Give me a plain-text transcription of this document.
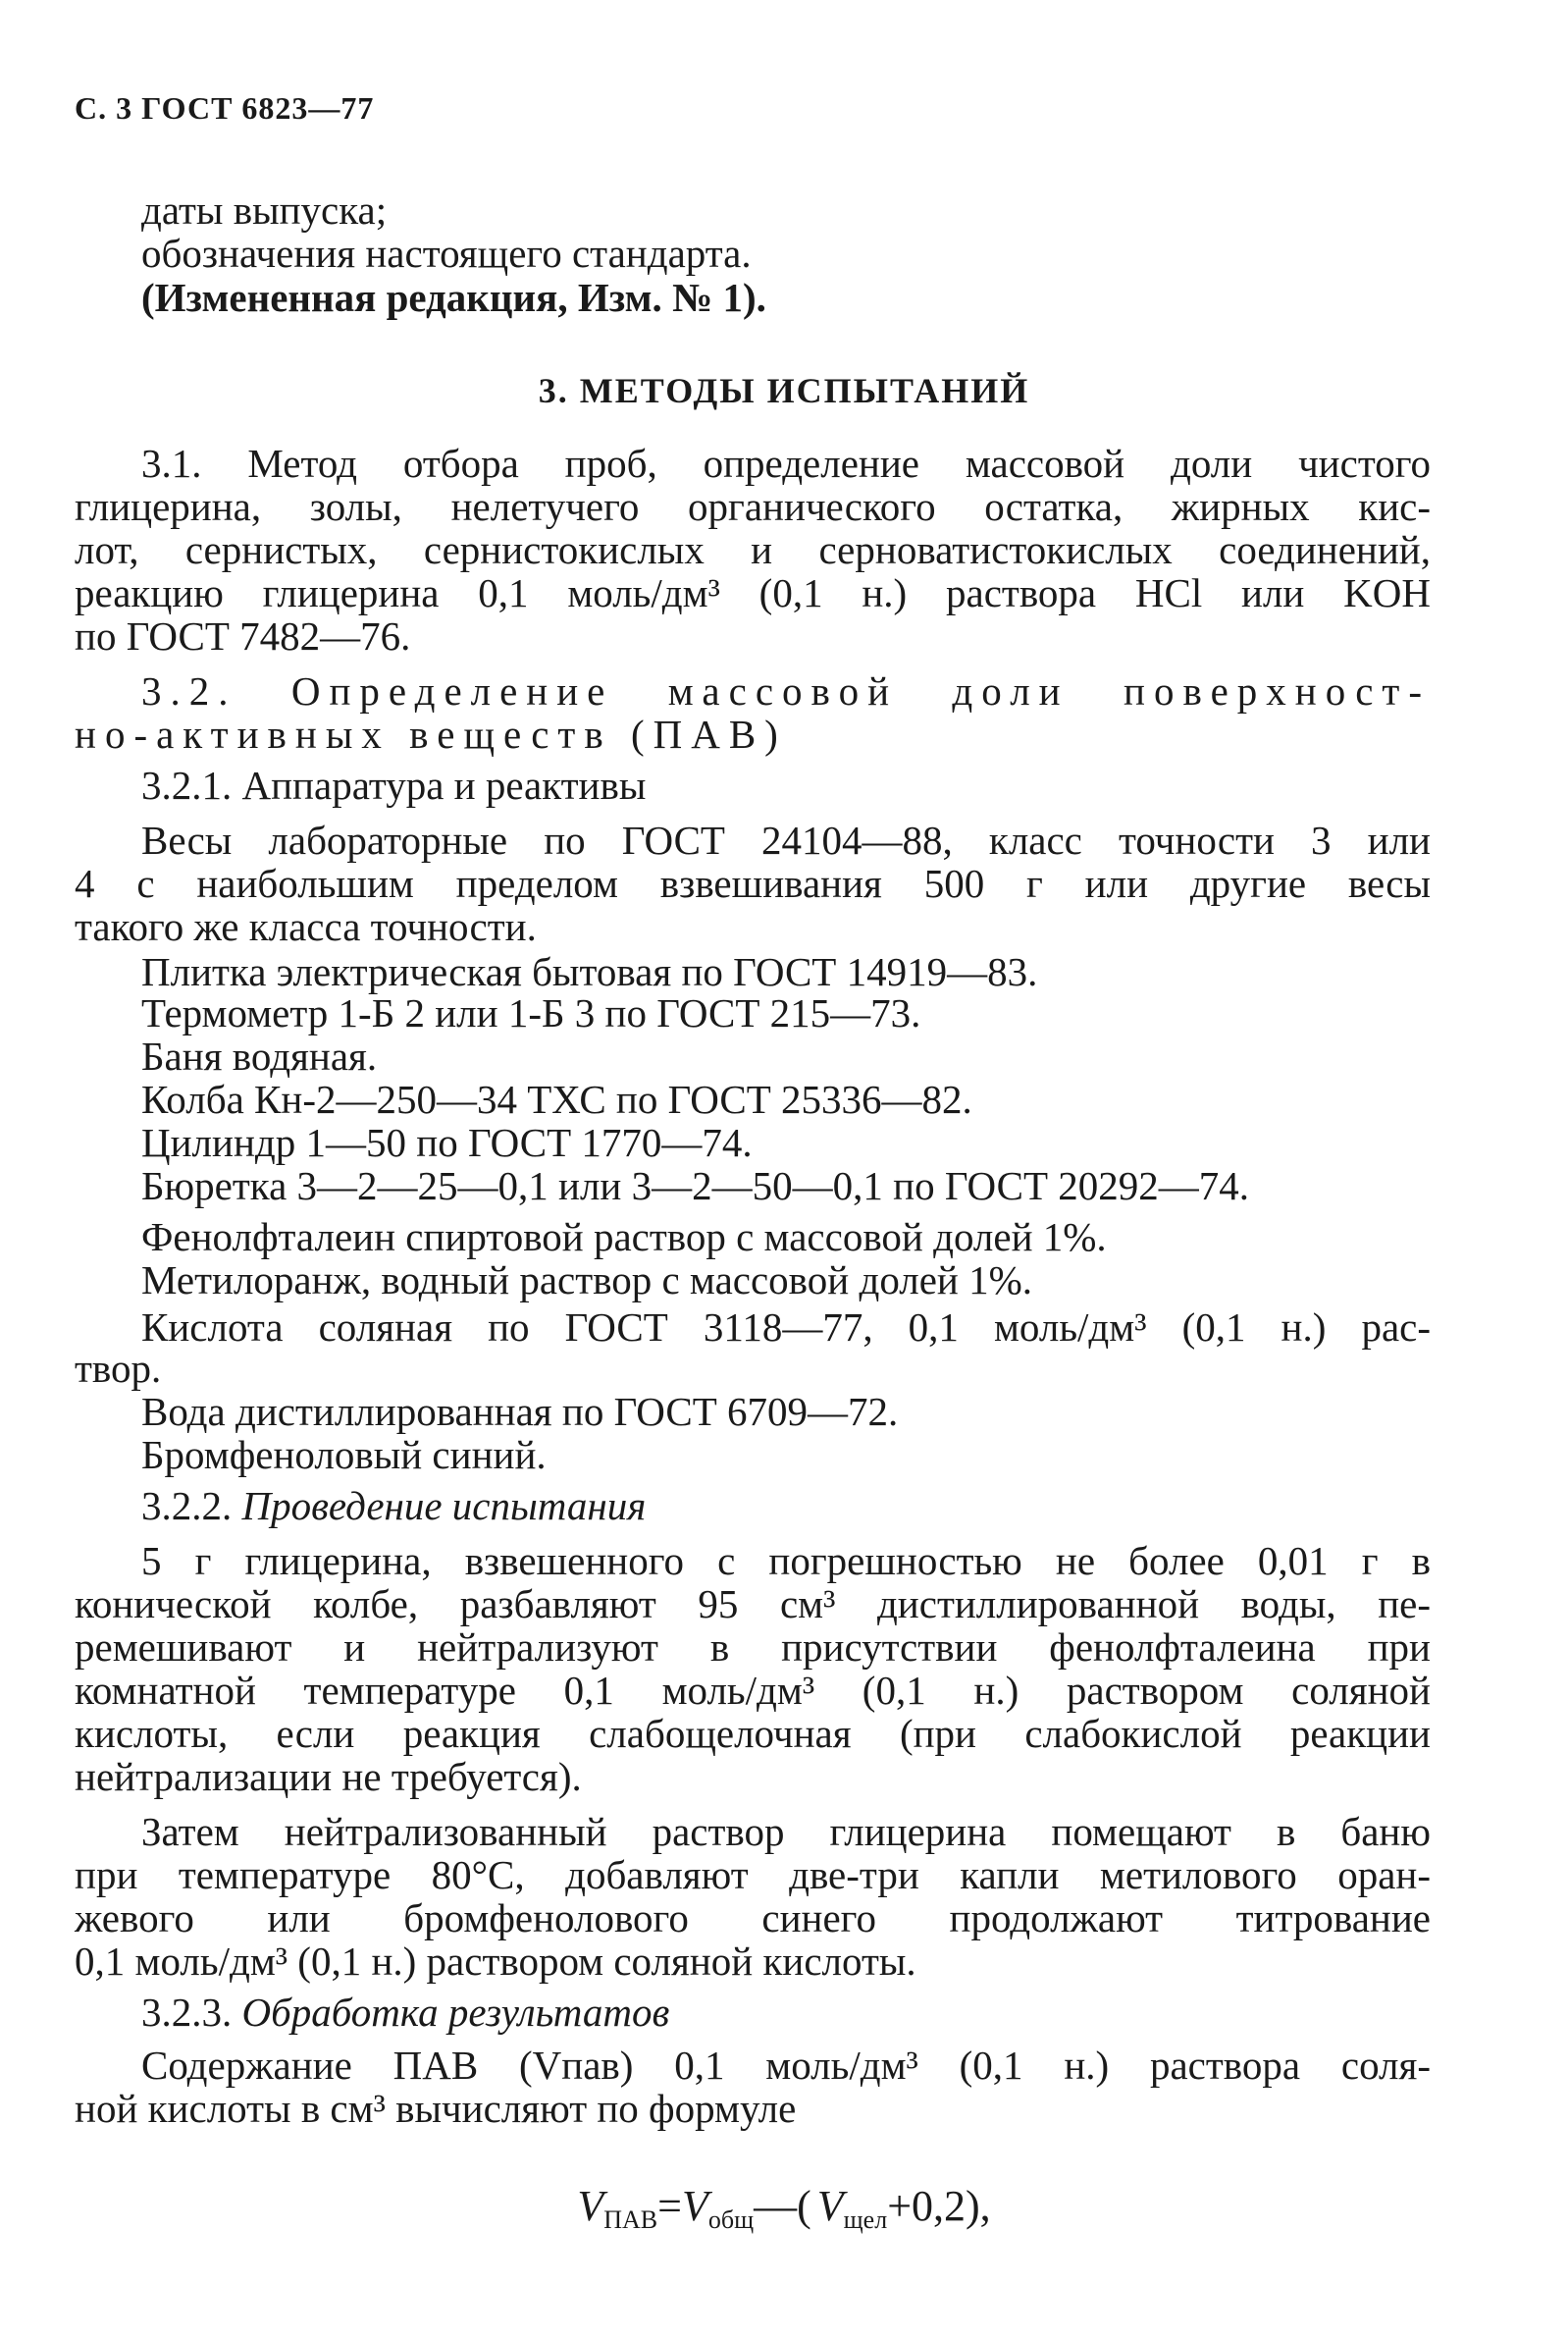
С. 3 ГОСТ 6823—77
даты выпуска;
обозначения настоящего стандарта.
(Измененная редакция, Изм. № 1).
3. МЕТОДЫ ИСПЫТАНИЙ
3.1. Метод отбора проб, определение массовой доли чистого
глицерина, золы, нелетучего органического остатка, жирных кис-
лот, сернистых, сернистокислых и серноватистокислых соединений,
реакцию глицерина 0,1 моль/дм³ (0,1 н.) раствора HCl или KOH
по ГОСТ 7482—76.
3.2. Определение массовой доли поверхност-
но-активных веществ (ПАВ)
3.2.1. Аппаратура и реактивы
Весы лабораторные по ГОСТ 24104—88, класс точности 3 или
4 с наибольшим пределом взвешивания 500 г или другие весы
такого же класса точности.
Плитка электрическая бытовая по ГОСТ 14919—83.
Термометр 1-Б 2 или 1-Б 3 по ГОСТ 215—73.
Баня водяная.
Колба Кн-2—250—34 ТХС по ГОСТ 25336—82.
Цилиндр 1—50 по ГОСТ 1770—74.
Бюретка 3—2—25—0,1 или 3—2—50—0,1 по ГОСТ 20292—74.
Фенолфталеин спиртовой раствор с массовой долей 1%.
Метилоранж, водный раствор с массовой долей 1%.
Кислота соляная по ГОСТ 3118—77, 0,1 моль/дм³ (0,1 н.) рас-
твор.
Вода дистиллированная по ГОСТ 6709—72.
Бромфеноловый синий.
3.2.2. Проведение испытания
5 г глицерина, взвешенного с погрешностью не более 0,01 г в
конической колбе, разбавляют 95 см³ дистиллированной воды, пе-
ремешивают и нейтрализуют в присутствии фенолфталеина при
комнатной температуре 0,1 моль/дм³ (0,1 н.) раствором соляной
кислоты, если реакция слабощелочная (при слабокислой реакции
нейтрализации не требуется).
Затем нейтрализованный раствор глицерина помещают в баню
при температуре 80°С, добавляют две-три капли метилового оран-
жевого или бромфенолового синего продолжают титрование
0,1 моль/дм³ (0,1 н.) раствором соляной кислоты.
3.2.3. Обработка результатов
Содержание ПАВ (Vпав) 0,1 моль/дм³ (0,1 н.) раствора соля-
ной кислоты в см³ вычисляют по формуле
$V_{ПАВ}=V_{общ}—$( $V_{щел}+0,2$),
